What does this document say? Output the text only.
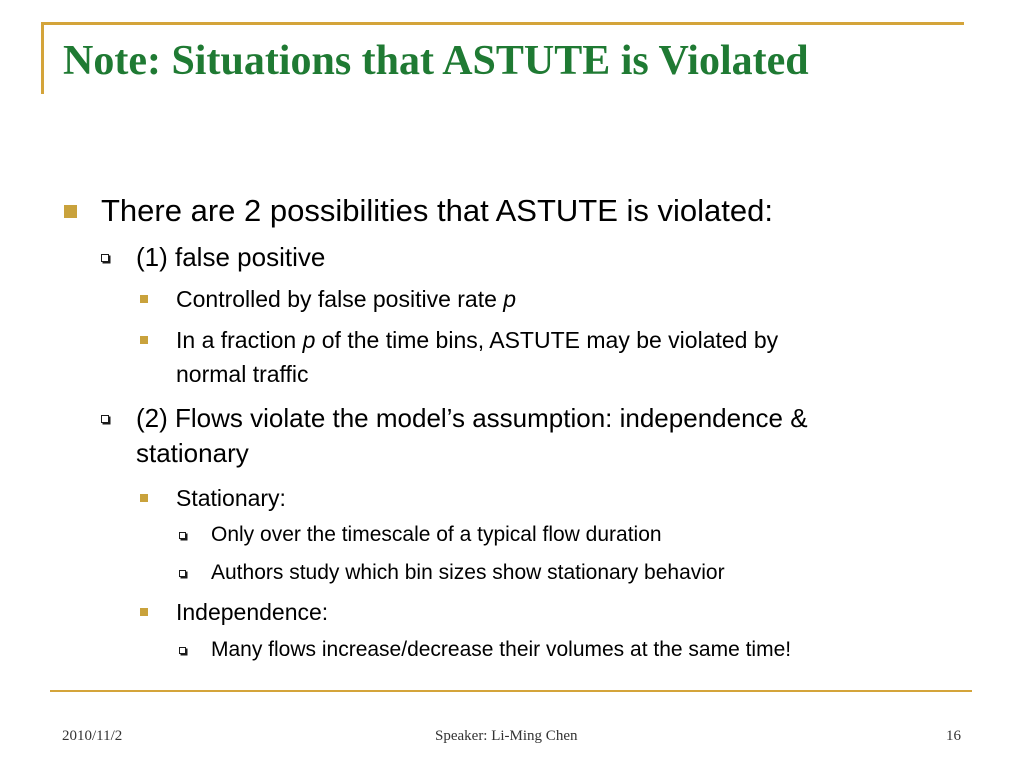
Note: Situations that ASTUTE is Violated
There are 2 possibilities that ASTUTE is violated:
(1) false positive
Controlled by false positive rate p
In a fraction p of the time bins, ASTUTE may be violated by
normal traffic
(2) Flows violate the model’s assumption: independence &
stationary
Stationary:
Only over the timescale of a typical flow duration
Authors study which bin sizes show stationary behavior
Independence:
Many flows increase/decrease their volumes at the same time!
2010/11/2	Speaker: Li-Ming Chen	16
